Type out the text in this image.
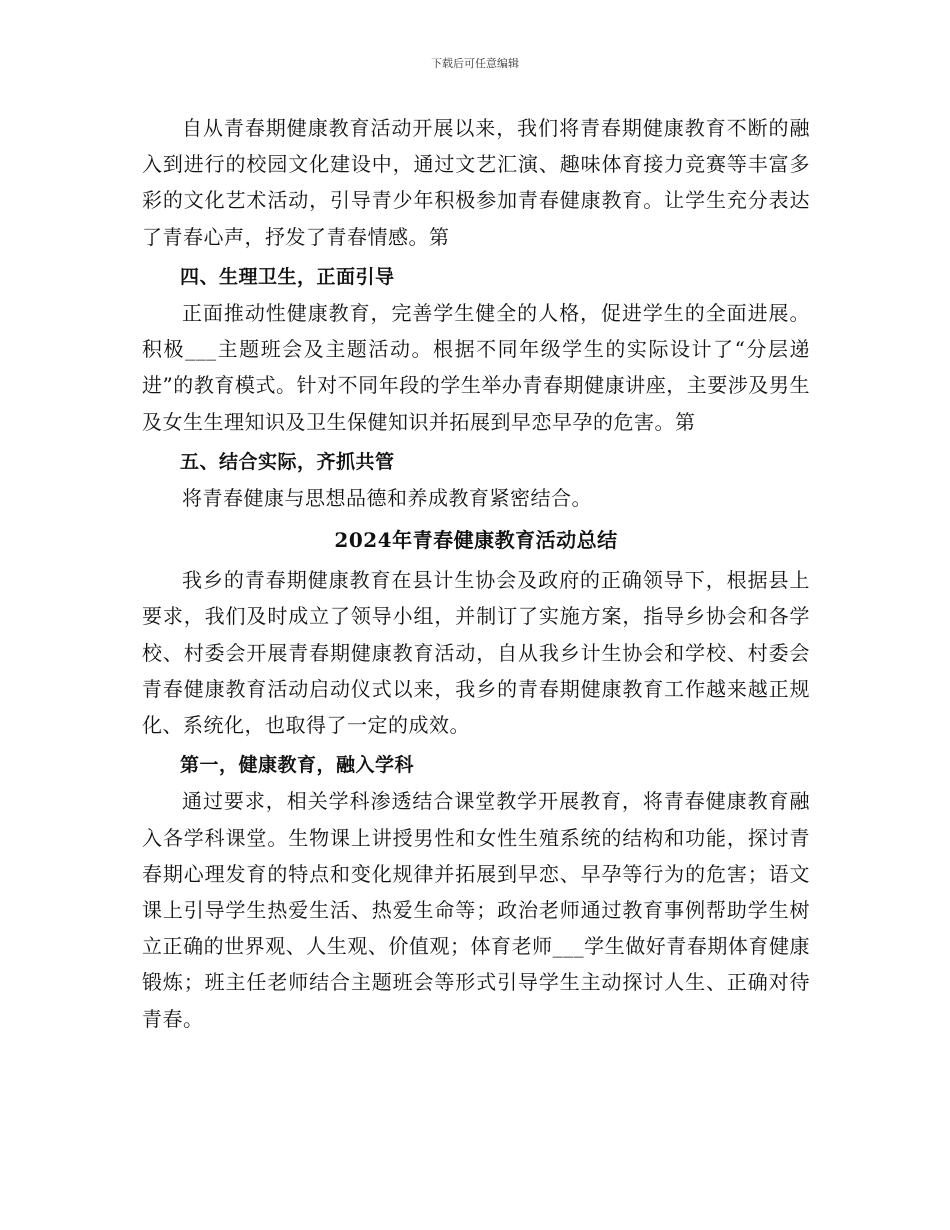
下载后可任意编辑

自从青春期健康教育活动开展以来，我们将青春期健康教育不断的融入到进行的校园文化建设中，通过文艺汇演、趣味体育接力竞赛等丰富多彩的文化艺术活动，引导青少年积极参加青春健康教育。让学生充分表达了青春心声，抒发了青春情感。第

四、生理卫生，正面引导

正面推动性健康教育，完善学生健全的人格，促进学生的全面进展。积极___主题班会及主题活动。根据不同年级学生的实际设计了“分层递进”的教育模式。针对不同年段的学生举办青春期健康讲座，主要涉及男生及女生生理知识及卫生保健知识并拓展到早恋早孕的危害。第

五、结合实际，齐抓共管

将青春健康与思想品德和养成教育紧密结合。

2024年青春健康教育活动总结

我乡的青春期健康教育在县计生协会及政府的正确领导下，根据县上要求，我们及时成立了领导小组，并制订了实施方案，指导乡协会和各学校、村委会开展青春期健康教育活动，自从我乡计生协会和学校、村委会青春健康教育活动启动仪式以来，我乡的青春期健康教育工作越来越正规化、系统化，也取得了一定的成效。

第一，健康教育，融入学科

通过要求，相关学科渗透结合课堂教学开展教育，将青春健康教育融入各学科课堂。生物课上讲授男性和女性生殖系统的结构和功能，探讨青春期心理发育的特点和变化规律并拓展到早恋、早孕等行为的危害；语文课上引导学生热爱生活、热爱生命等；政治老师通过教育事例帮助学生树立正确的世界观、人生观、价值观；体育老师___学生做好青春期体育健康锻炼；班主任老师结合主题班会等形式引导学生主动探讨人生、正确对待青春。
